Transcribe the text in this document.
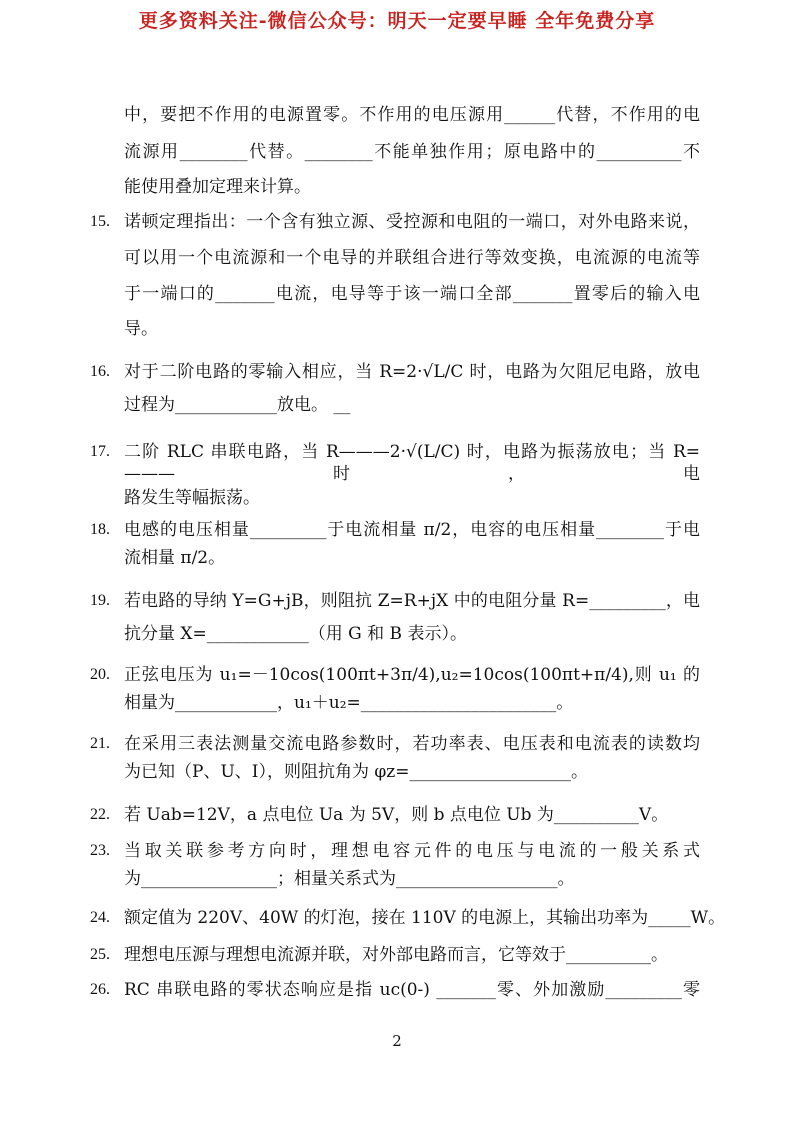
更多资料关注-微信公众号：明天一定要早睡 全年免费分享
中，要把不作用的电源置零。不作用的电压源用______代替，不作用的电
流源用________代替。________不能单独作用；原电路中的__________不
能使用叠加定理来计算。
15. 诺顿定理指出：一个含有独立源、受控源和电阻的一端口，对外电路来说，
可以用一个电流源和一个电导的并联组合进行等效变换，电流源的电流等
于一端口的_______电流，电导等于该一端口全部_______置零后的输入电
导。
16. 对于二阶电路的零输入相应，当 R=2·√L/C 时，电路为欠阻尼电路，放电
过程为____________放电。 __
17. 二阶 RLC 串联电路，当 R———2·√(L/C) 时，电路为振荡放电；当 R=———时，电
路发生等幅振荡。
18. 电感的电压相量_________于电流相量 π/2，电容的电压相量________于电
流相量 π/2。
19. 若电路的导纳 Y=G+jB，则阻抗 Z=R+jX 中的电阻分量 R=_________，电
抗分量 X=____________（用 G 和 B 表示）。
20. 正弦电压为 u₁=－10cos(100πt+3π/4),u₂=10cos(100πt+π/4),则 u₁ 的
相量为____________，u₁＋u₂=_______________________。
21. 在采用三表法测量交流电路参数时，若功率表、电压表和电流表的读数均
为已知（P、U、I），则阻抗角为 φz=___________________。
22. 若 Uab=12V，a 点电位 Ua 为 5V，则 b 点电位 Ub 为__________V。
23. 当取关联参考方向时，理想电容元件的电压与电流的一般关系式
为________________；相量关系式为___________________。
24. 额定值为 220V、40W 的灯泡，接在 110V 的电源上，其输出功率为_____W。
25. 理想电压源与理想电流源并联，对外部电路而言，它等效于__________。
26. RC 串联电路的零状态响应是指 uc(0-) _______零、外加激励_________零
2
